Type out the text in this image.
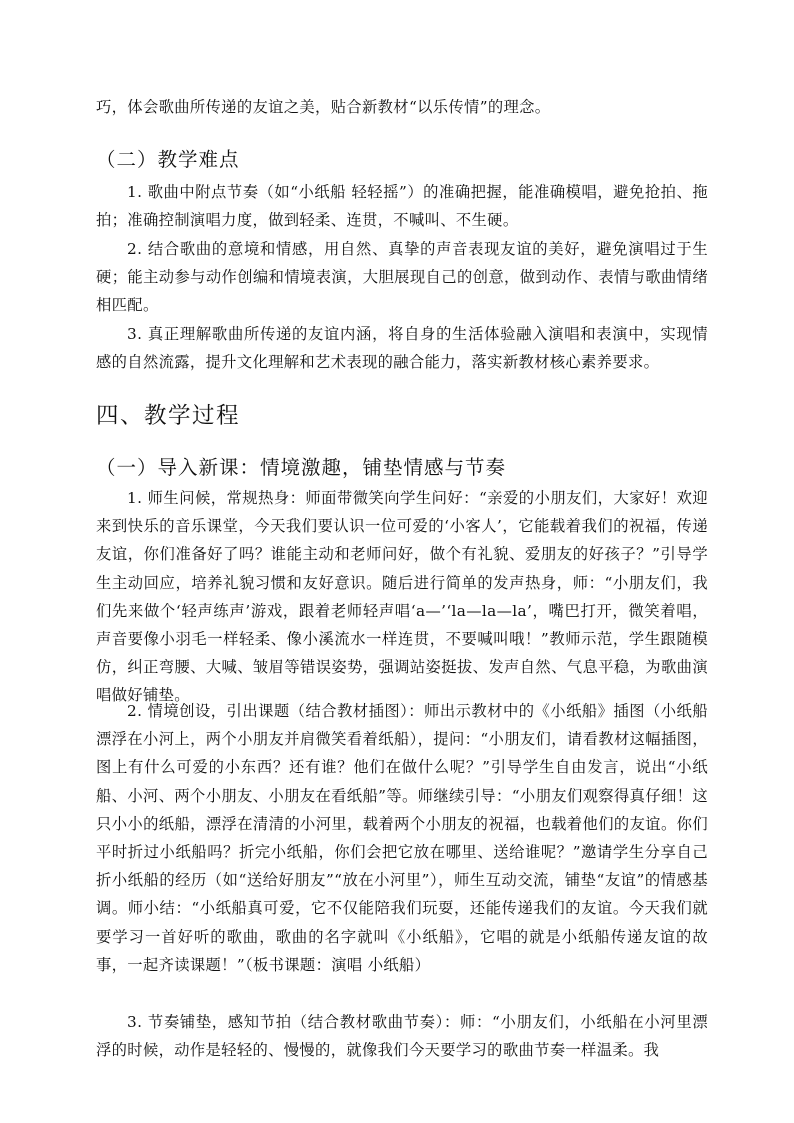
巧，体会歌曲所传递的友谊之美，贴合新教材“以乐传情”的理念。

（二）教学难点

1. 歌曲中附点节奏（如“小纸船 轻轻摇”）的准确把握，能准确模唱，避免抢拍、拖拍；准确控制演唱力度，做到轻柔、连贯，不喊叫、不生硬。

2. 结合歌曲的意境和情感，用自然、真挚的声音表现友谊的美好，避免演唱过于生硬；能主动参与动作创编和情境表演，大胆展现自己的创意，做到动作、表情与歌曲情绪相匹配。

3. 真正理解歌曲所传递的友谊内涵，将自身的生活体验融入演唱和表演中，实现情感的自然流露，提升文化理解和艺术表现的融合能力，落实新教材核心素养要求。

四、教学过程
（一）导入新课：情境激趣，铺垫情感与节奏

1. 师生问候，常规热身：师面带微笑向学生问好：“亲爱的小朋友们，大家好！欢迎来到快乐的音乐课堂，今天我们要认识一位可爱的‘小客人’，它能载着我们的祝福，传递友谊，你们准备好了吗？谁能主动和老师问好，做个有礼貌、爱朋友的好孩子？”引导学生主动回应，培养礼貌习惯和友好意识。随后进行简单的发声热身，师：“小朋友们，我们先来做个‘轻声练声’游戏，跟着老师轻声唱‘a—’‘la—la—la’，嘴巴打开，微笑着唱，声音要像小羽毛一样轻柔、像小溪流水一样连贯，不要喊叫哦！”教师示范，学生跟随模仿，纠正弯腰、大喊、皱眉等错误姿势，强调站姿挺拔、发声自然、气息平稳，为歌曲演唱做好铺垫。

2. 情境创设，引出课题（结合教材插图）：师出示教材中的《小纸船》插图（小纸船漂浮在小河上，两个小朋友并肩微笑看着纸船），提问：“小朋友们，请看教材这幅插图，图上有什么可爱的小东西？还有谁？他们在做什么呢？”引导学生自由发言，说出“小纸船、小河、两个小朋友、小朋友在看纸船”等。师继续引导：“小朋友们观察得真仔细！这只小小的纸船，漂浮在清清的小河里，载着两个小朋友的祝福，也载着他们的友谊。你们平时折过小纸船吗？折完小纸船，你们会把它放在哪里、送给谁呢？”邀请学生分享自己折小纸船的经历（如“送给好朋友”“放在小河里”），师生互动交流，铺垫“友谊”的情感基调。师小结：“小纸船真可爱，它不仅能陪我们玩耍，还能传递我们的友谊。今天我们就要学习一首好听的歌曲，歌曲的名字就叫《小纸船》，它唱的就是小纸船传递友谊的故事，一起齐读课题！”（板书课题：演唱 小纸船）

3. 节奏铺垫，感知节拍（结合教材歌曲节奏）：师：“小朋友们，小纸船在小河里漂浮的时候，动作是轻轻的、慢慢的，就像我们今天要学习的歌曲节奏一样温柔。我
